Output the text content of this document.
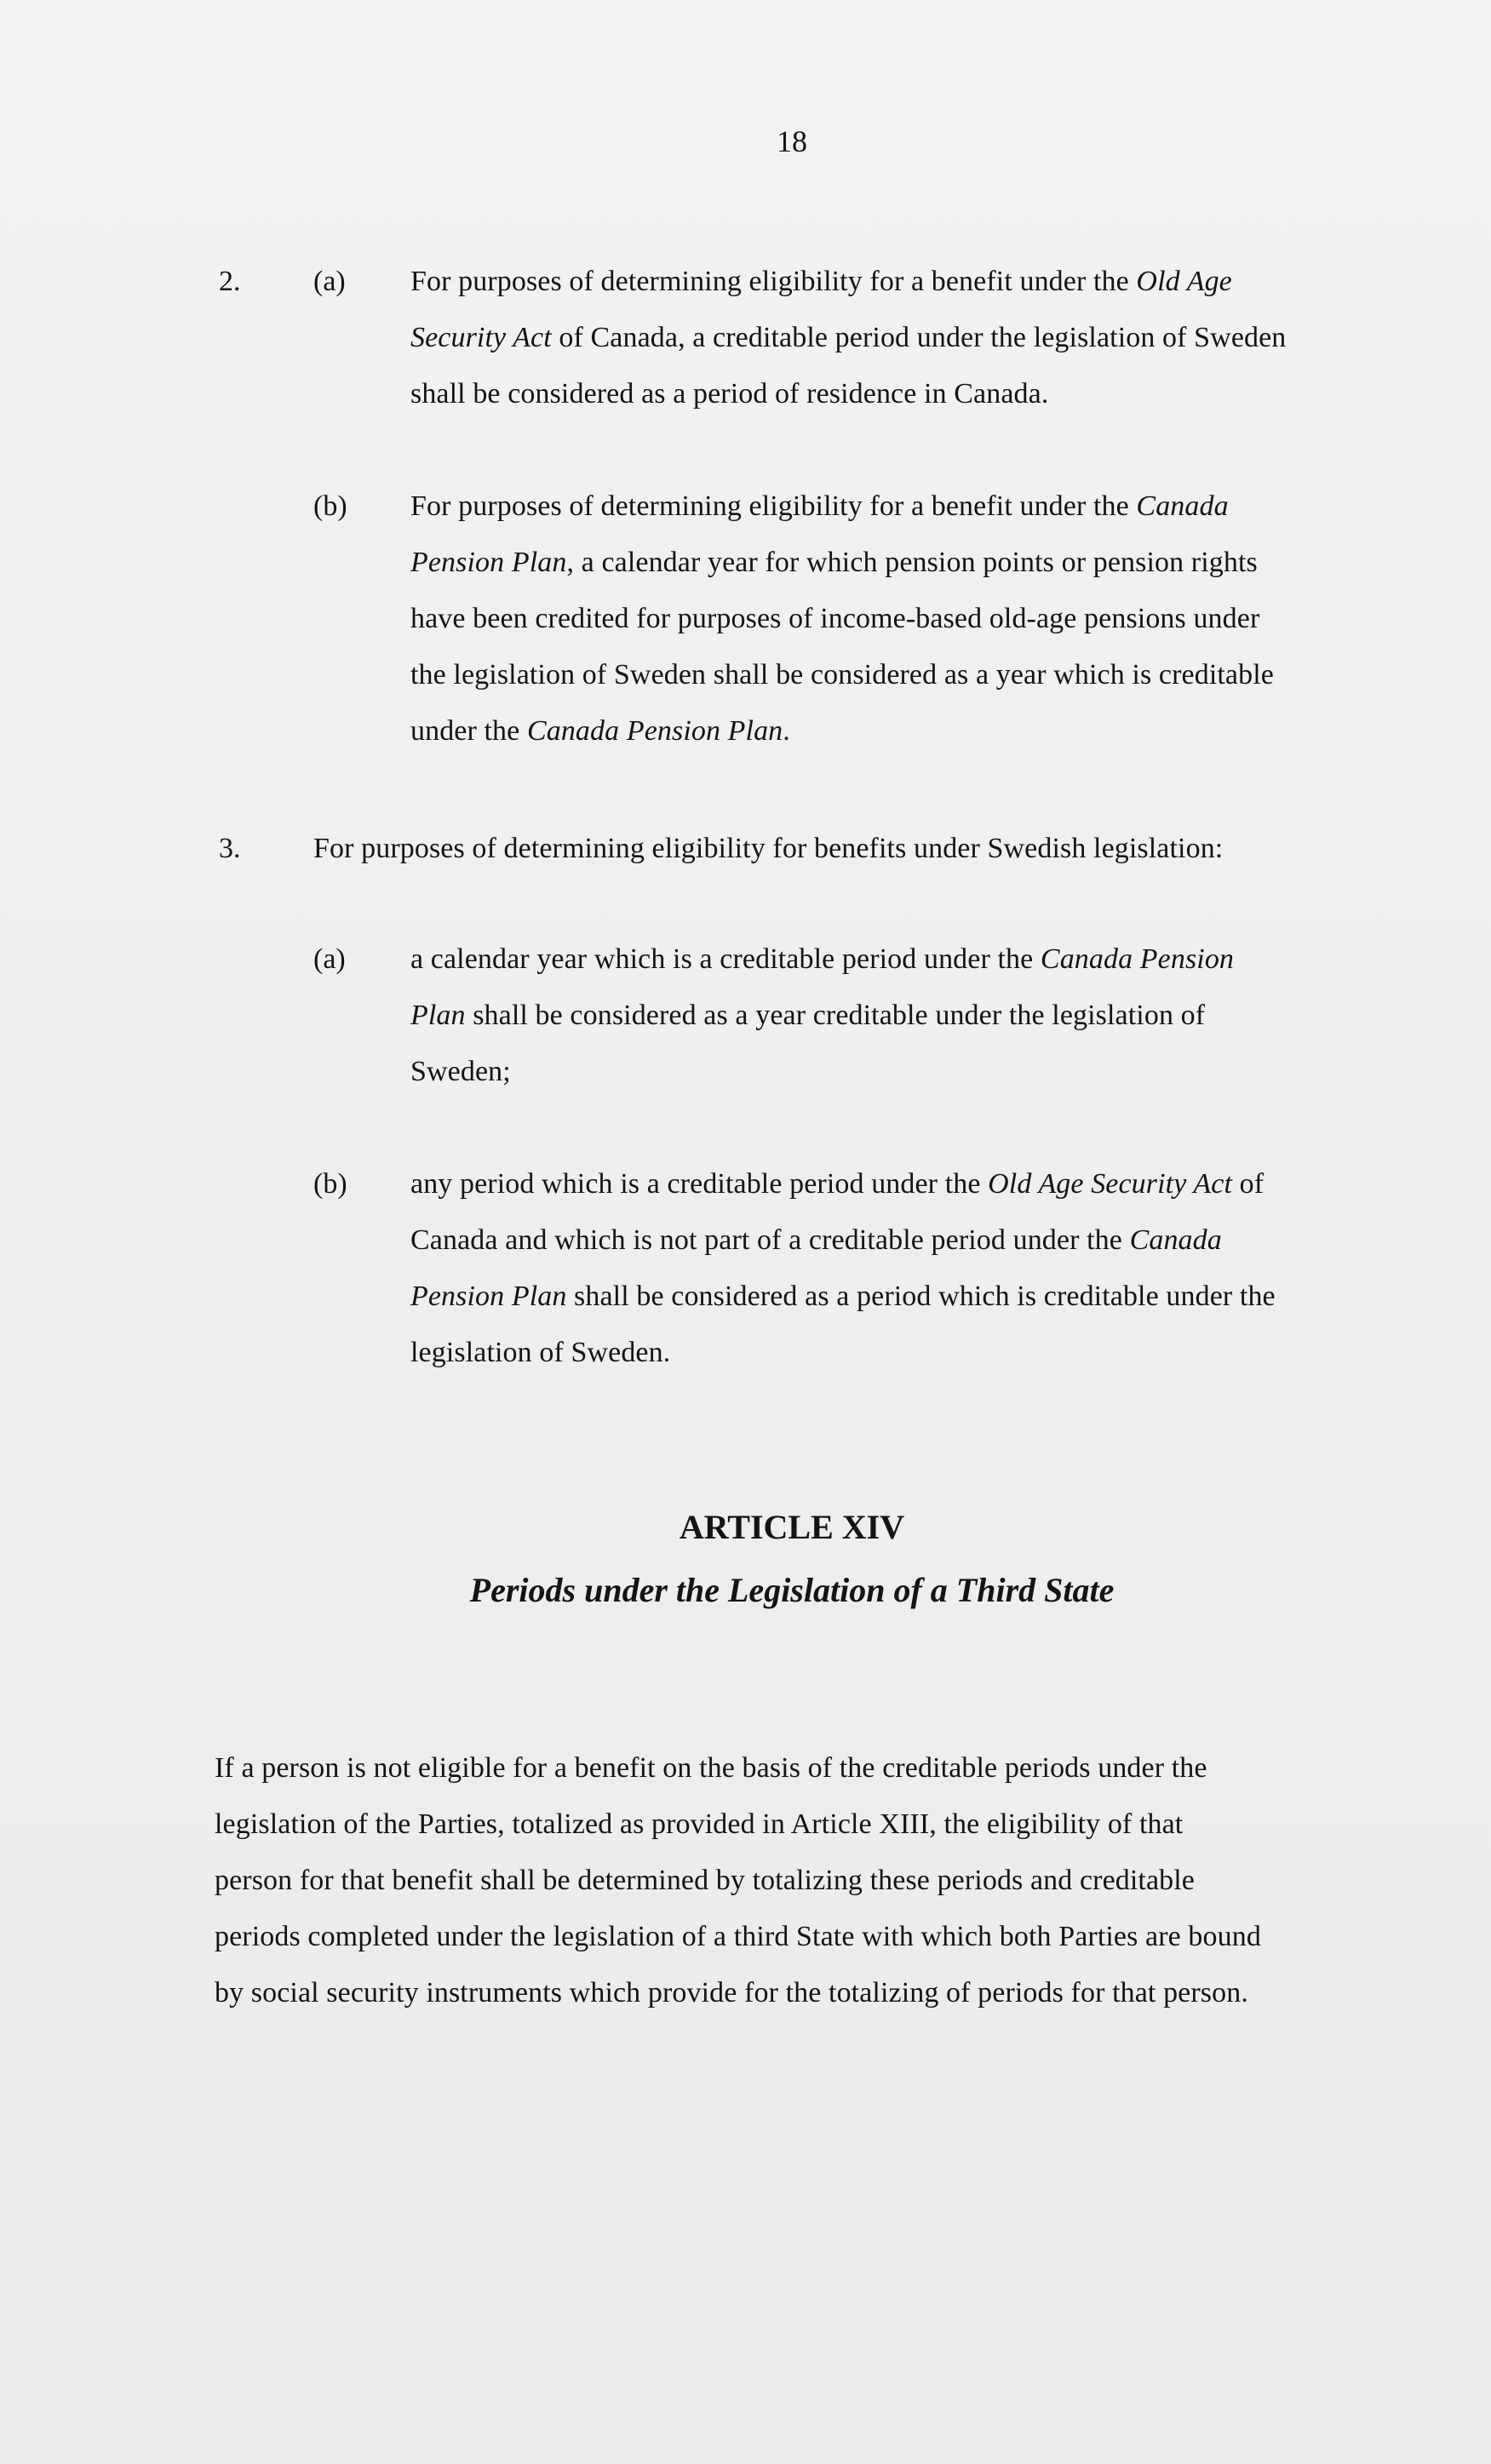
18
2.	(a) For purposes of determining eligibility for a benefit under the Old Age
Security Act of Canada, a creditable period under the legislation of Sweden
shall be considered as a period of residence in Canada.
(b) For purposes of determining eligibility for a benefit under the Canada
Pension Plan, a calendar year for which pension points or pension rights
have been credited for purposes of income-based old-age pensions under
the legislation of Sweden shall be considered as a year which is creditable
under the Canada Pension Plan.
3.	For purposes of determining eligibility for benefits under Swedish legislation:
(a) a calendar year which is a creditable period under the Canada Pension
Plan shall be considered as a year creditable under the legislation of
Sweden;
(b) any period which is a creditable period under the Old Age Security Act of
Canada and which is not part of a creditable period under the Canada
Pension Plan shall be considered as a period which is creditable under the
legislation of Sweden.
ARTICLE XIV
Periods under the Legislation of a Third State
If a person is not eligible for a benefit on the basis of the creditable periods under the
legislation of the Parties, totalized as provided in Article XIII, the eligibility of that
person for that benefit shall be determined by totalizing these periods and creditable
periods completed under the legislation of a third State with which both Parties are bound
by social security instruments which provide for the totalizing of periods for that person.
